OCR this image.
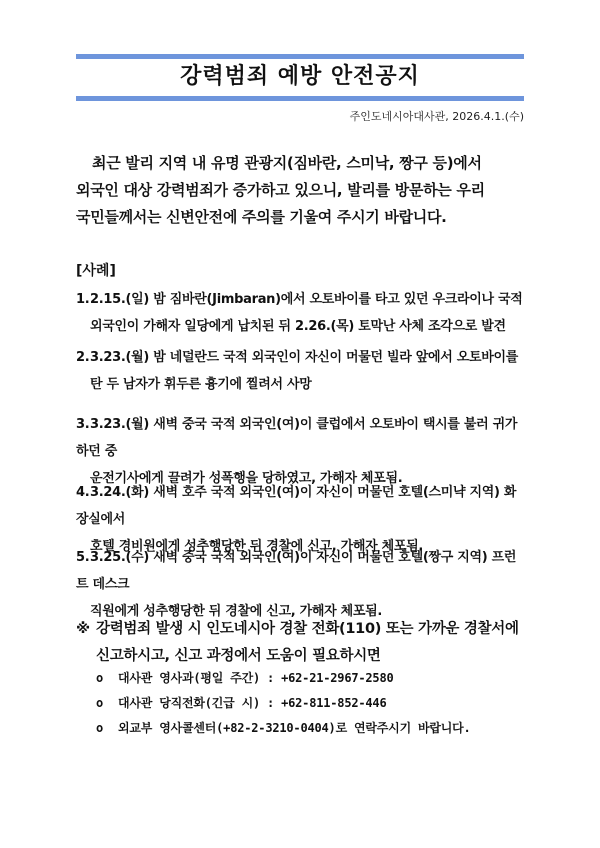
강력범죄 예방 안전공지
주인도네시아대사관, 2026.4.1.(수)

최근 발리 지역 내 유명 관광지(짐바란, 스미낙, 짱구 등)에서 외국인 대상 강력범죄가 증가하고 있으니, 발리를 방문하는 우리 국민들께서는 신변안전에 주의를 기울여 주시기 바랍니다.

[사례]

1.2.15.(일) 밤 짐바란(Jimbaran)에서 오토바이를 타고 있던 우크라이나 국적
외국인이 가해자 일당에게 납치된 뒤 2.26.(목) 토막난 사체 조각으로 발견

2.3.23.(월) 밤 네덜란드 국적 외국인이 자신이 머물던 빌라 앞에서 오토바이를
탄 두 남자가 휘두른 흉기에 찔려서 사망

3.3.23.(월) 새벽 중국 국적 외국인(여)이 클럽에서 오토바이 택시를 불러 귀가하던 중
운전기사에게 끌려가 성폭행을 당하였고, 가해자 체포됨.

4.3.24.(화) 새벽 호주 국적 외국인(여)이 자신이 머물던 호텔(스미냑 지역) 화장실에서
호텔 경비원에게 성추행당한 뒤 경찰에 신고, 가해자 체포됨.

5.3.25.(수) 새벽 중국 국적 외국인(여)이 자신이 머물던 호텔(짱구 지역) 프런트 데스크
직원에게 성추행당한 뒤 경찰에 신고, 가해자 체포됨.

※ 강력범죄 발생 시 인도네시아 경찰 전화(110) 또는 가까운 경찰서에
신고하시고, 신고 과정에서 도움이 필요하시면
o 대사관 영사과(평일 주간) : +62-21-2967-2580
o 대사관 당직전화(긴급 시) : +62-811-852-446
o 외교부 영사콜센터(+82-2-3210-0404)로 연락주시기 바랍니다.
